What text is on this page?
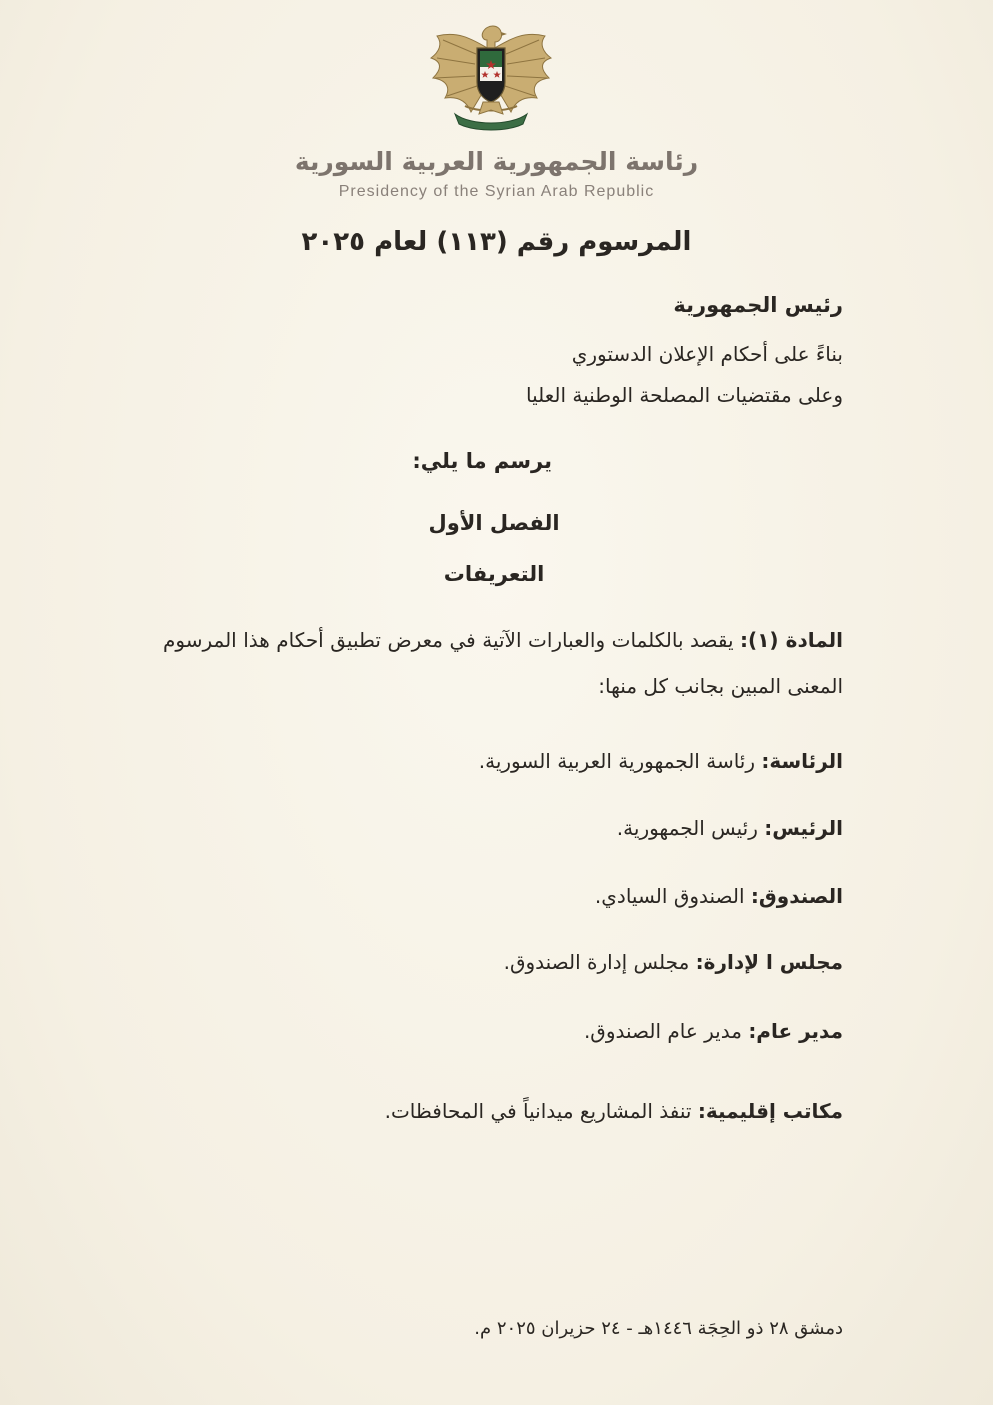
رئاسة الجمهورية العربية السورية
Presidency of the Syrian Arab Republic
المرسوم رقم (١١٣) لعام ٢٠٢٥
رئيس الجمهورية
بناءً على أحكام الإعلان الدستوري
وعلى مقتضيات المصلحة الوطنية العليا
يرسم ما يلي:
الفصل الأول
التعريفات
المادة (١): يقصد بالكلمات والعبارات الآتية في معرض تطبيق أحكام هذا المرسوم المعنى المبين بجانب كل منها:
الرئاسة: رئاسة الجمهورية العربية السورية.
الرئيس: رئيس الجمهورية.
الصندوق: الصندوق السيادي.
مجلس ا لإدارة: مجلس إدارة الصندوق.
مدير عام: مدير عام الصندوق.
مكاتب إقليمية: تنفذ المشاريع ميدانياً في المحافظات.
دمشق ٢٨ ذو الحِجَة ١٤٤٦هـ - ٢٤ حزيران ٢٠٢٥ م.
